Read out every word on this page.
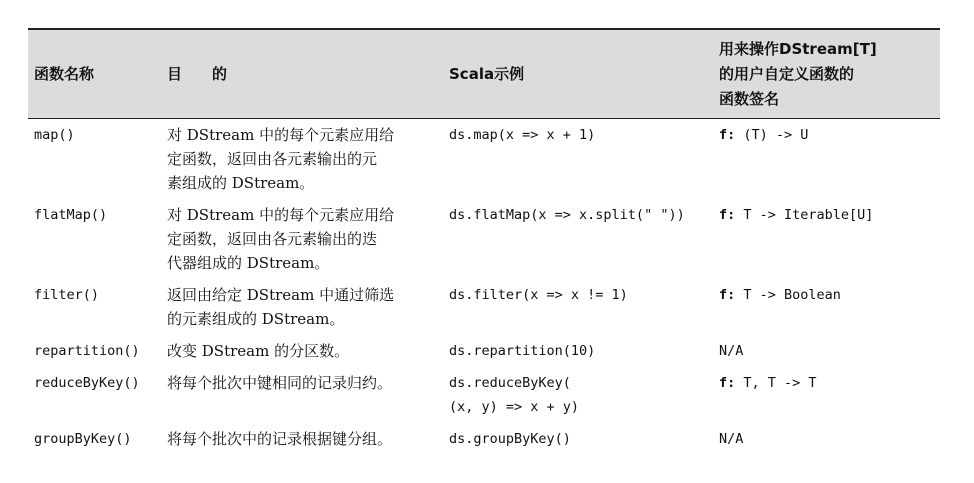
函数名称	目　　的	Scala示例	用来操作DStream[T]
的用户自定义函数的
函数签名

map()	对 DStream 中的每个元素应用给
定函数，返回由各元素输出的元
素组成的 DStream。	ds.map(x => x + 1)	f: (T) -> U
flatMap()	对 DStream 中的每个元素应用给
定函数，返回由各元素输出的迭
代器组成的 DStream。	ds.flatMap(x => x.split(" "))	f: T -> Iterable[U]
filter()	返回由给定 DStream 中通过筛选
的元素组成的 DStream。	ds.filter(x => x != 1)	f: T -> Boolean
repartition()	改变 DStream 的分区数。	ds.repartition(10)	N/A
reduceByKey()	将每个批次中键相同的记录归约。	ds.reduceByKey(
(x, y) => x + y)	f: T, T -> T
groupByKey()	将每个批次中的记录根据键分组。	ds.groupByKey()	N/A
